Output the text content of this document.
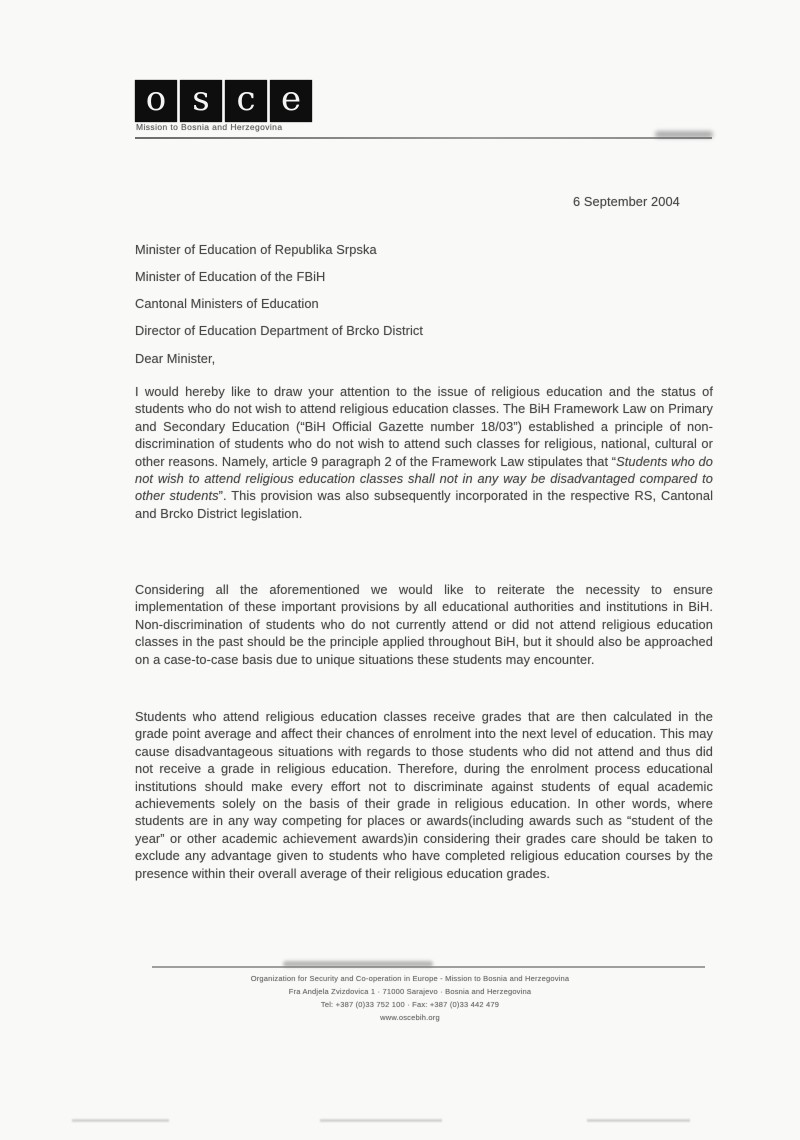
o s c e
Mission to Bosnia and Herzegovina
6 September 2004
Minister of Education of Republika Srpska
Minister of Education of the FBiH
Cantonal Ministers of Education
Director of Education Department of Brcko District
Dear Minister,

I would hereby like to draw your attention to the issue of religious education and the status of students who do not wish to attend religious education classes. The BiH Framework Law on Primary and Secondary Education (“BiH Official Gazette number 18/03”) established a principle of non-discrimination of students who do not wish to attend such classes for religious, national, cultural or other reasons. Namely, article 9 paragraph 2 of the Framework Law stipulates that “Students who do not wish to attend religious education classes shall not in any way be disadvantaged compared to other students”. This provision was also subsequently incorporated in the respective RS, Cantonal and Brcko District legislation.

Considering all the aforementioned we would like to reiterate the necessity to ensure implementation of these important provisions by all educational authorities and institutions in BiH. Non-discrimination of students who do not currently attend or did not attend religious education classes in the past should be the principle applied throughout BiH, but it should also be approached on a case-to-case basis due to unique situations these students may encounter.

Students who attend religious education classes receive grades that are then calculated in the grade point average and affect their chances of enrolment into the next level of education. This may cause disadvantageous situations with regards to those students who did not attend and thus did not receive a grade in religious education. Therefore, during the enrolment process educational institutions should make every effort not to discriminate against students of equal academic achievements solely on the basis of their grade in religious education. In other words, where students are in any way competing for places or awards(including awards such as “student of the year” or other academic achievement awards)in considering their grades care should be taken to exclude any advantage given to students who have completed religious education courses by the presence within their overall average of their religious education grades.

Organization for Security and Co-operation in Europe - Mission to Bosnia and Herzegovina
Fra Andjela Zvizdovica 1 · 71000 Sarajevo · Bosnia and Herzegovina
Tel: +387 (0)33 752 100 · Fax: +387 (0)33 442 479
www.oscebih.org
